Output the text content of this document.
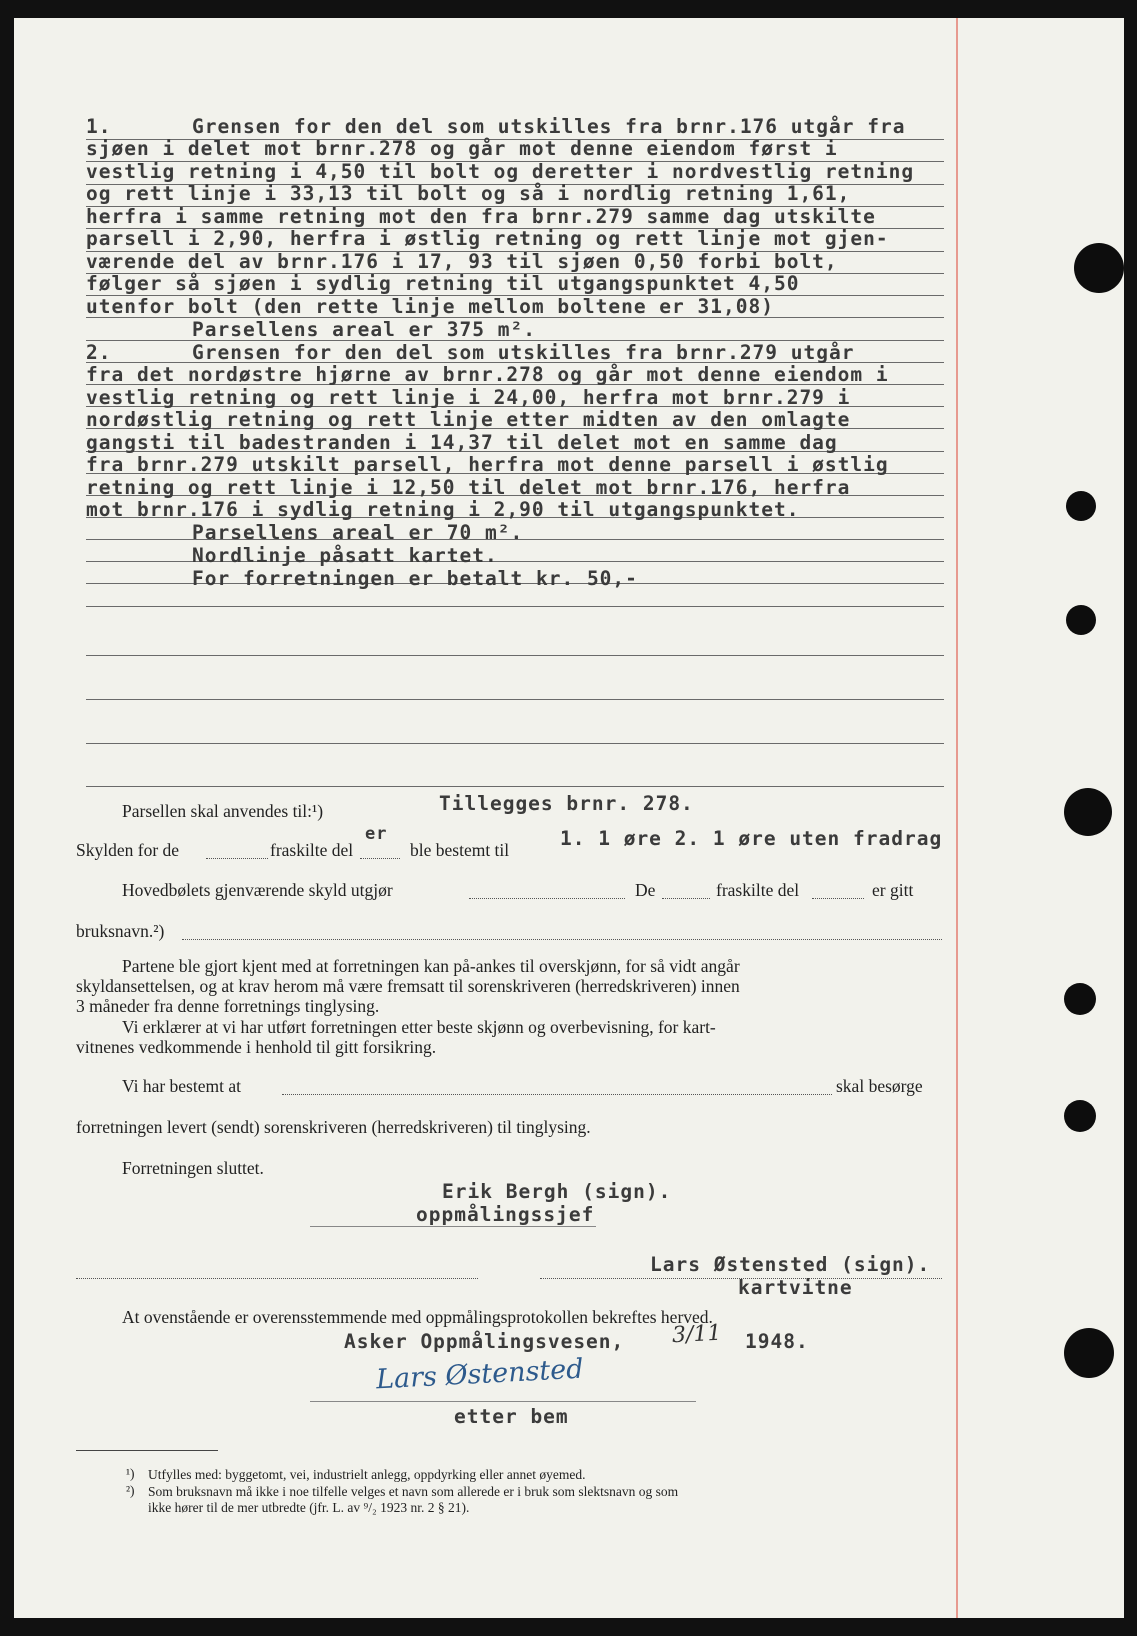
1.	Grensen for den del som utskilles fra brnr.176 utgår fra
sjøen i delet mot brnr.278 og går mot denne eiendom først i
vestlig retning i 4,50 til bolt og deretter i nordvestlig retning
og rett linje i 33,13 til bolt og så i nordlig retning 1,61,
herfra i samme retning mot den fra brnr.279 samme dag utskilte
parsell i 2,90, herfra i østlig retning og rett linje mot gjen-
værende del av brnr.176 i 17, 93 til sjøen 0,50 forbi bolt,
følger så sjøen i sydlig retning til utgangspunktet 4,50
utenfor bolt (den rette linje mellom boltene er 31,08)
Parsellens areal er 375 m².
2.	Grensen for den del som utskilles fra brnr.279 utgår
fra det nordøstre hjørne av brnr.278 og går mot denne eiendom i
vestlig retning og rett linje i 24,00, herfra mot brnr.279 i
nordøstlig retning og rett linje etter midten av den omlagte
gangsti til badestranden i 14,37 til delet mot en samme dag
fra brnr.279 utskilt parsell, herfra mot denne parsell i østlig
retning og rett linje i 12,50 til delet mot brnr.176, herfra
mot brnr.176 i sydlig retning i 2,90 til utgangspunktet.
Parsellens areal er 70 m².
Nordlinje påsatt kartet.
For forretningen er betalt kr. 50,-
Parsellen skal anvendes til:¹)	Tillegges brnr. 278.
Skylden for de	fraskilte del
er
ble bestemt til	1. 1 øre 2. 1 øre uten fradrag
Hovedbølets gjenværende skyld utgjør	De	fraskilte del	er gitt
bruksnavn.²)
Partene ble gjort kjent med at forretningen kan på-ankes til overskjønn, for så vidt angår
skyldansettelsen, og at krav herom må være fremsatt til sorenskriveren (herredskriveren) innen
3 måneder fra denne forretnings tinglysing.
Vi erklærer at vi har utført forretningen etter beste skjønn og overbevisning, for kart-
vitnenes vedkommende i henhold til gitt forsikring.
Vi har bestemt at	skal besørge
forretningen levert (sendt) sorenskriveren (herredskriveren) til tinglysing.
Forretningen sluttet.
Erik Bergh (sign).
oppmålingssjef
Lars Østensted (sign).
kartvitne
At ovenstående er overensstemmende med oppmålingsprotokollen bekreftes herved.
Asker Oppmålingsvesen, 3/11 1948.
Lars Østensted
etter bem
¹) Utfylles med: byggetomt, vei, industrielt anlegg, oppdyrking eller annet øyemed.
²) Som bruksnavn må ikke i noe tilfelle velges et navn som allerede er i bruk som slektsnavn og som
ikke hører til de mer utbredte (jfr. L. av ⁹/₂ 1923 nr. 2 § 21).
